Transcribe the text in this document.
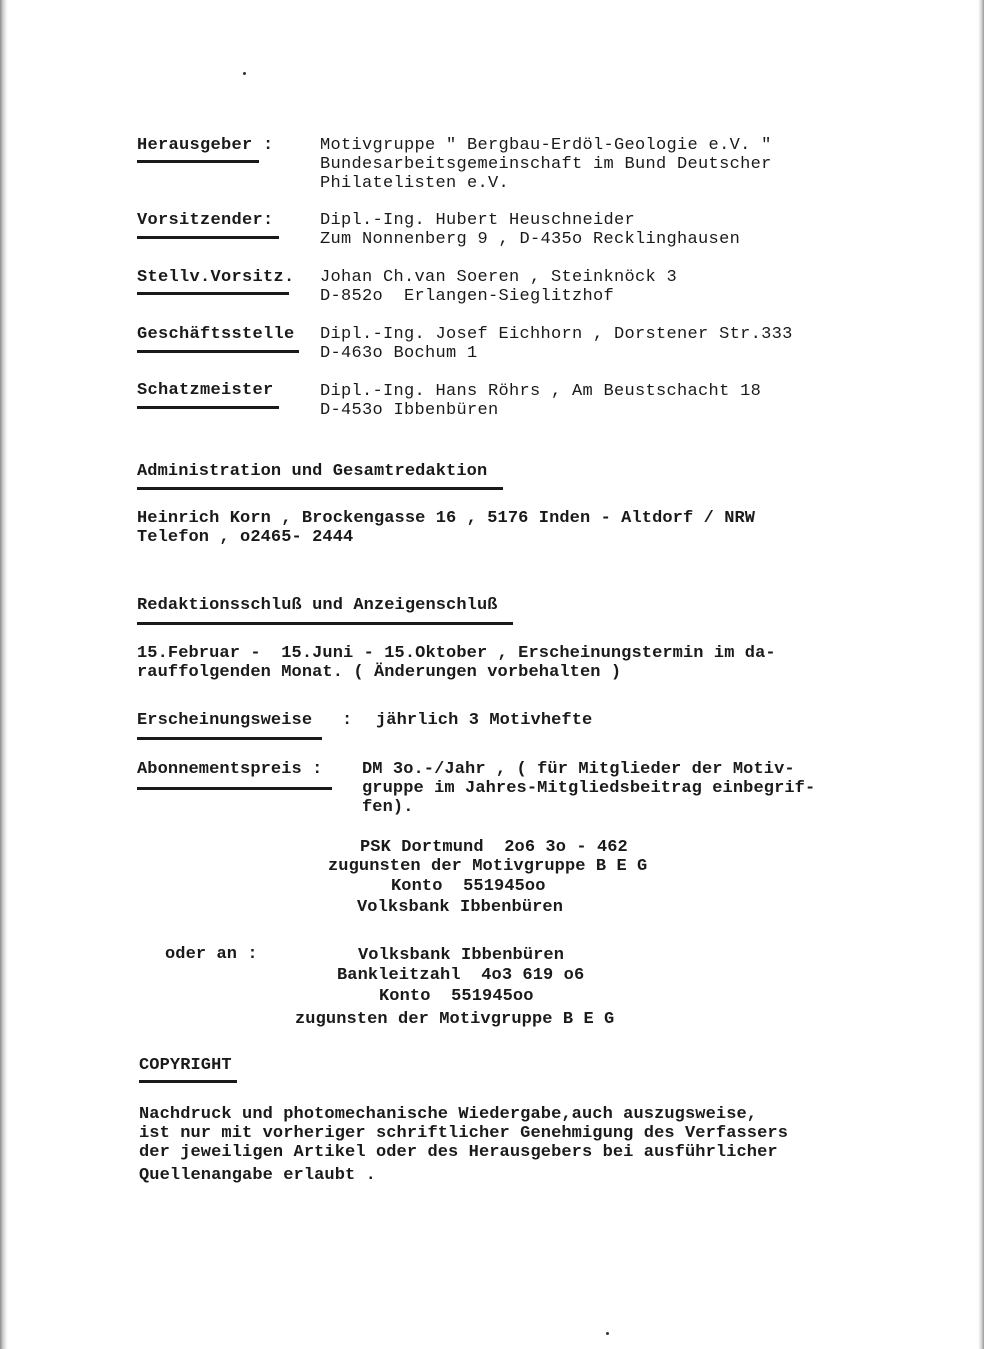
Herausgeber :	Motivgruppe " Bergbau-Erdöl-Geologie e.V. "
Bundesarbeitsgemeinschaft im Bund Deutscher
Philatelisten e.V.
Vorsitzender:	Dipl.-Ing. Hubert Heuschneider
Zum Nonnenberg 9 , D-435o Recklinghausen
Stellv.Vorsitz. Johan Ch.van Soeren , Steinknöck 3
D-852o  Erlangen-Sieglitzhof
Geschäftsstelle Dipl.-Ing. Josef Eichhorn , Dorstener Str.333
D-463o Bochum 1
Schatzmeister	Dipl.-Ing. Hans Röhrs , Am Beustschacht 18
D-453o Ibbenbüren
Administration und Gesamtredaktion
Heinrich Korn , Brockengasse 16 , 5176 Inden - Altdorf / NRW
Telefon , o2465- 2444
Redaktionsschluß und Anzeigenschluß
15.Februar -  15.Juni - 15.Oktober , Erscheinungstermin im da-
rauffolgenden Monat. ( Änderungen vorbehalten )
Erscheinungsweise : jährlich 3 Motivhefte
Abonnementspreis : DM 3o.-/Jahr , ( für Mitglieder der Motiv-
gruppe im Jahres-Mitgliedsbeitrag einbegrif-
fen).
PSK Dortmund  2o6 3o - 462
zugunsten der Motivgruppe B E G
Konto  551945oo
Volksbank Ibbenbüren
oder an :	Volksbank Ibbenbüren
Bankleitzahl  4o3 619 o6
Konto  551945oo
zugunsten der Motivgruppe B E G
COPYRIGHT
Nachdruck und photomechanische Wiedergabe,auch auszugsweise,
ist nur mit vorheriger schriftlicher Genehmigung des Verfassers
der jeweiligen Artikel oder des Herausgebers bei ausführlicher
Quellenangabe erlaubt .
